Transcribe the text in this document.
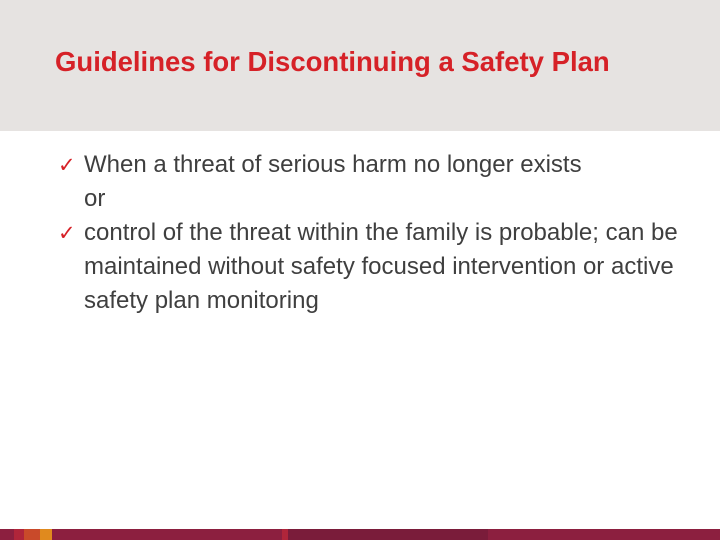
Guidelines for Discontinuing a Safety Plan
✓ When a threat of serious harm no longer exists
or
✓ control of the threat within the family is probable; can be maintained without safety focused intervention or active safety plan monitoring
